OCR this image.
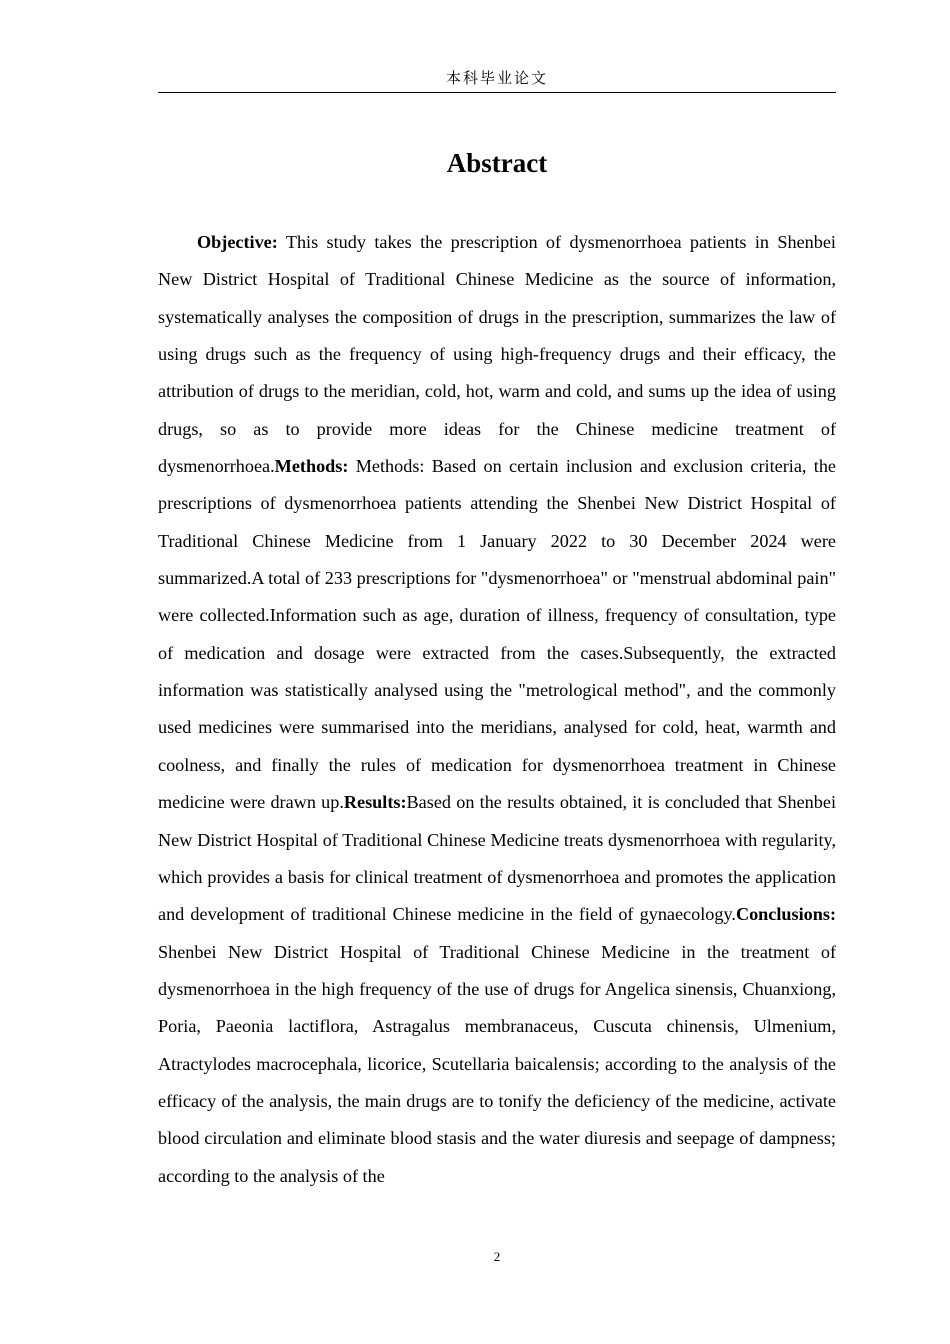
本科毕业论文
Abstract

Objective: This study takes the prescription of dysmenorrhoea patients in Shenbei New District Hospital of Traditional Chinese Medicine as the source of information, systematically analyses the composition of drugs in the prescription, summarizes the law of using drugs such as the frequency of using high-frequency drugs and their efficacy, the attribution of drugs to the meridian, cold, hot, warm and cold, and sums up the idea of using drugs, so as to provide more ideas for the Chinese medicine treatment of dysmenorrhoea.Methods: Methods: Based on certain inclusion and exclusion criteria, the prescriptions of dysmenorrhoea patients attending the Shenbei New District Hospital of Traditional Chinese Medicine from 1 January 2022 to 30 December 2024 were summarized.A total of 233 prescriptions for "dysmenorrhoea" or "menstrual abdominal pain" were collected.Information such as age, duration of illness, frequency of consultation, type of medication and dosage were extracted from the cases.Subsequently, the extracted information was statistically analysed using the "metrological method", and the commonly used medicines were summarised into the meridians, analysed for cold, heat, warmth and coolness, and finally the rules of medication for dysmenorrhoea treatment in Chinese medicine were drawn up.Results:Based on the results obtained, it is concluded that Shenbei New District Hospital of Traditional Chinese Medicine treats dysmenorrhoea with regularity, which provides a basis for clinical treatment of dysmenorrhoea and promotes the application and development of traditional Chinese medicine in the field of gynaecology.Conclusions: Shenbei New District Hospital of Traditional Chinese Medicine in the treatment of dysmenorrhoea in the high frequency of the use of drugs for Angelica sinensis, Chuanxiong, Poria, Paeonia lactiflora, Astragalus membranaceus, Cuscuta chinensis, Ulmenium, Atractylodes macrocephala, licorice, Scutellaria baicalensis; according to the analysis of the efficacy of the analysis, the main drugs are to tonify the deficiency of the medicine, activate blood circulation and eliminate blood stasis and the water diuresis and seepage of dampness; according to the analysis of the

2
